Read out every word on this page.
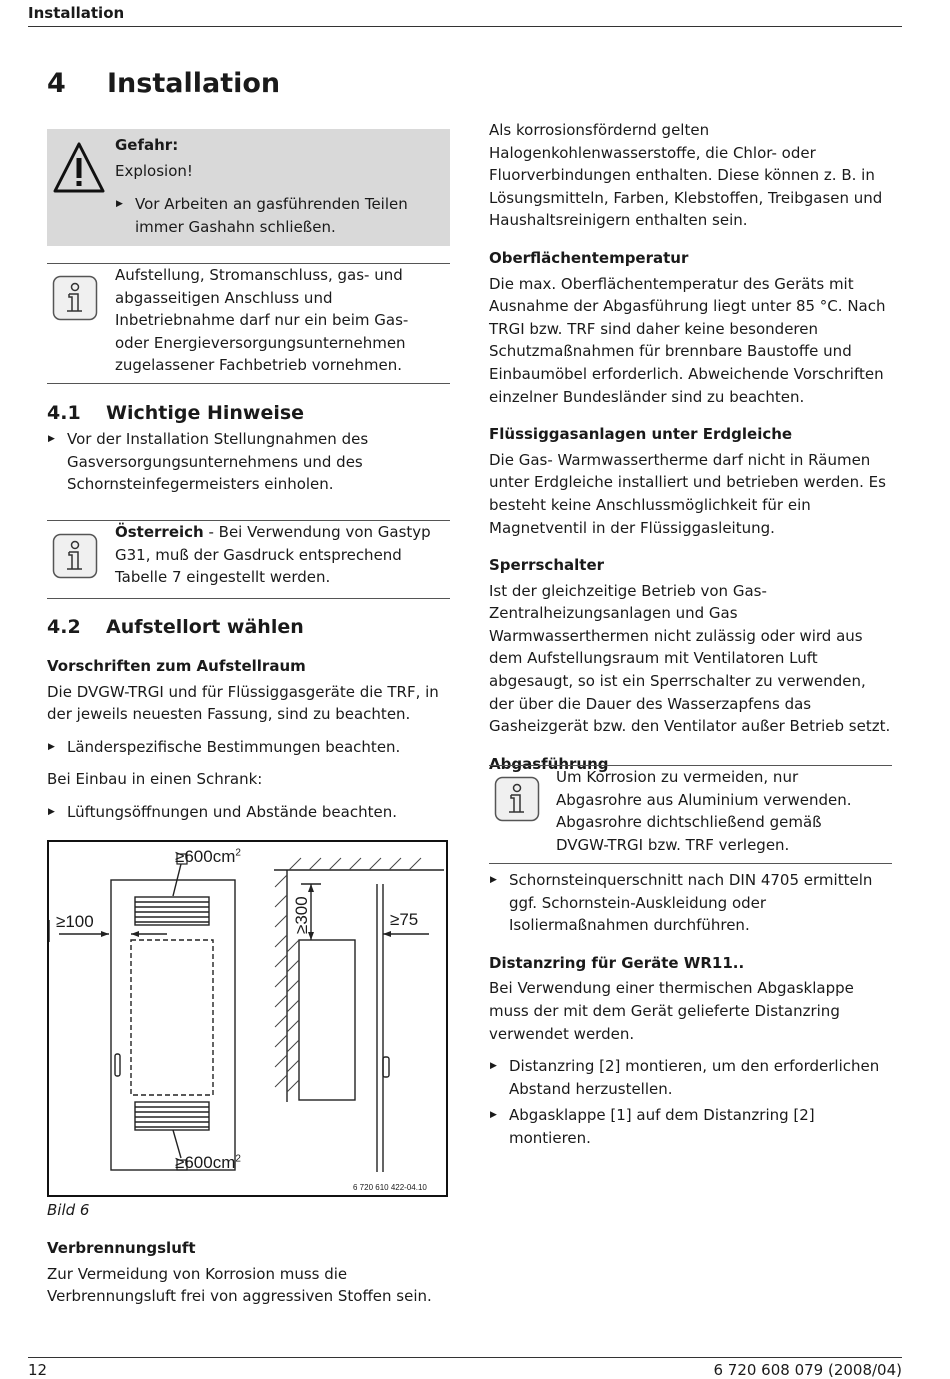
Installation
4 Installation

Gefahr:

Explosion!

▶ Vor Arbeiten an gasführenden Teilen immer Gashahn schließen.

Aufstellung, Stromanschluss, gas- und abgasseitigen Anschluss und Inbetriebnahme darf nur ein beim Gas- oder Energieversorgungsunternehmen zugelassener Fachbetrieb vornehmen.

4.1 Wichtige Hinweise

▶ Vor der Installation Stellungnahmen des Gasversorgungsunternehmens und des Schornsteinfegermeisters einholen.

Österreich - Bei Verwendung von Gastyp G31, muß der Gasdruck entsprechend Tabelle 7 eingestellt werden.

4.2 Aufstellort wählen

Vorschriften zum Aufstellraum

Die DVGW-TRGI und für Flüssiggasgeräte die TRF, in der jeweils neuesten Fassung, sind zu beachten.

▶ Länderspezifische Bestimmungen beachten.

Bei Einbau in einen Schrank:

▶ Lüftungsöffnungen und Abstände beachten.

$\ge 600cm^2$
$\ge 600cm^2$
≥100	≥75
≥300
6 720 610 422-04.10
Bild 6

Verbrennungsluft

Zur Vermeidung von Korrosion muss die Verbrennungsluft frei von aggressiven Stoffen sein.

Als korrosionsfördernd gelten Halogenkohlenwasserstoffe, die Chlor- oder Fluorverbindungen enthalten. Diese können z. B. in Lösungsmitteln, Farben, Klebstoffen, Treibgasen und Haushaltsreinigern enthalten sein.

Oberflächentemperatur

Die max. Oberflächentemperatur des Geräts mit Ausnahme der Abgasführung liegt unter 85 °C. Nach TRGI bzw. TRF sind daher keine besonderen Schutzmaßnahmen für brennbare Baustoffe und Einbaumöbel erforderlich. Abweichende Vorschriften einzelner Bundesländer sind zu beachten.

Flüssiggasanlagen unter Erdgleiche

Die Gas- Warmwassertherme darf nicht in Räumen unter Erdgleiche installiert und betrieben werden. Es besteht keine Anschlussmöglichkeit für ein Magnetventil in der Flüssiggasleitung.

Sperrschalter

Ist der gleichzeitige Betrieb von Gas-Zentralheizungsanlagen und Gas Warmwasserthermen nicht zulässig oder wird aus dem Aufstellungsraum mit Ventilatoren Luft abgesaugt, so ist ein Sperrschalter zu verwenden, der über die Dauer des Wasserzapfens das Gasheizgerät bzw. den Ventilator außer Betrieb setzt.

Abgasführung

Um Korrosion zu vermeiden, nur Abgasrohre aus Aluminium verwenden. Abgasrohre dichtschließend gemäß DVGW-TRGI bzw. TRF verlegen.

▶ Schornsteinquerschnitt nach DIN 4705 ermitteln ggf. Schornstein-Auskleidung oder Isoliermaßnahmen durchführen.

Distanzring für Geräte WR11..

Bei Verwendung einer thermischen Abgasklappe muss der mit dem Gerät gelieferte Distanzring verwendet werden.

▶ Distanzring [2] montieren, um den erforderlichen Abstand herzustellen.

▶ Abgasklappe [1] auf dem Distanzring [2] montieren.

12	6 720 608 079 (2008/04)
